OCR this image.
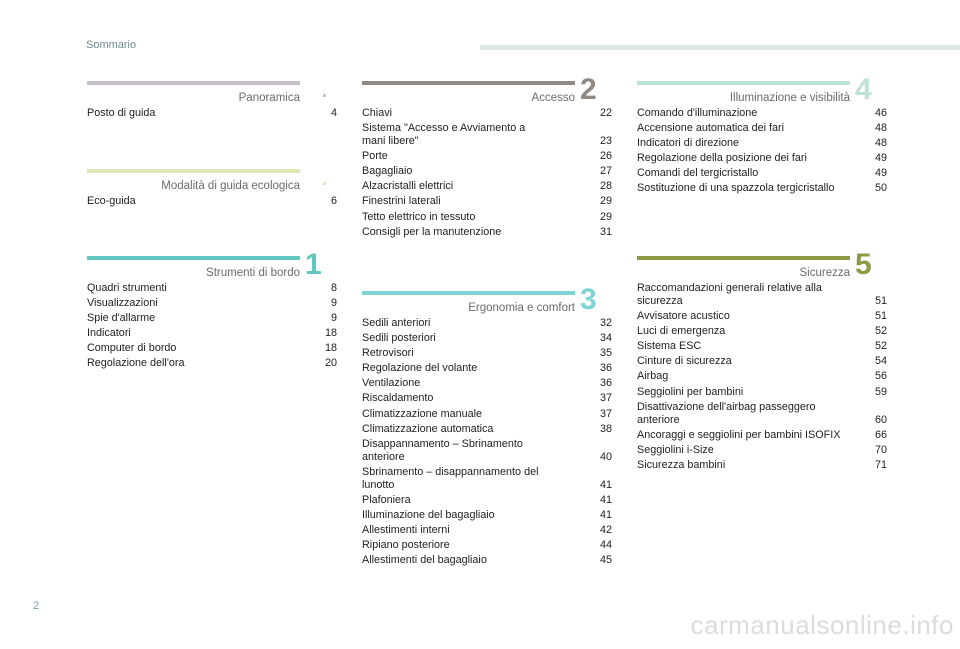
Sommario
Panoramica
Posto di guida	4
Modalità di guida ecologica
Eco-guida	6
1
Strumenti di bordo
Quadri strumenti	8
Visualizzazioni	9
Spie d'allarme	9
Indicatori	18
Computer di bordo	18
Regolazione dell'ora	20
2
Accesso
Chiavi	22
Sistema "Accesso e Avviamento a
mani libere"	23
Porte	26
Bagagliaio	27
Alzacristalli elettrici	28
Finestrini laterali	29
Tetto elettrico in tessuto	29
Consigli per la manutenzione	31
3
Ergonomia e comfort
Sedili anteriori	32
Sedili posteriori	34
Retrovisori	35
Regolazione del volante	36
Ventilazione	36
Riscaldamento	37
Climatizzazione manuale	37
Climatizzazione automatica	38
Disappannamento – Sbrinamento
anteriore	40
Sbrinamento – disappannamento del
lunotto	41
Plafoniera	41
Illuminazione del bagagliaio	41
Allestimenti interni	42
Ripiano posteriore	44
Allestimenti del bagagliaio	45
4
Illuminazione e visibilità
Comando d'illuminazione	46
Accensione automatica dei fari	48
Indicatori di direzione	48
Regolazione della posizione dei fari	49
Comandi del tergicristallo	49
Sostituzione di una spazzola tergicristallo	50
5
Sicurezza
Raccomandazioni generali relative alla
sicurezza	51
Avvisatore acustico	51
Luci di emergenza	52
Sistema ESC	52
Cinture di sicurezza	54
Airbag	56
Seggiolini per bambini	59
Disattivazione dell'airbag passeggero
anteriore	60
Ancoraggi e seggiolini per bambini ISOFIX	66
Seggiolini i-Size	70
Sicurezza bambini	71
2
carmanualsonline.info
